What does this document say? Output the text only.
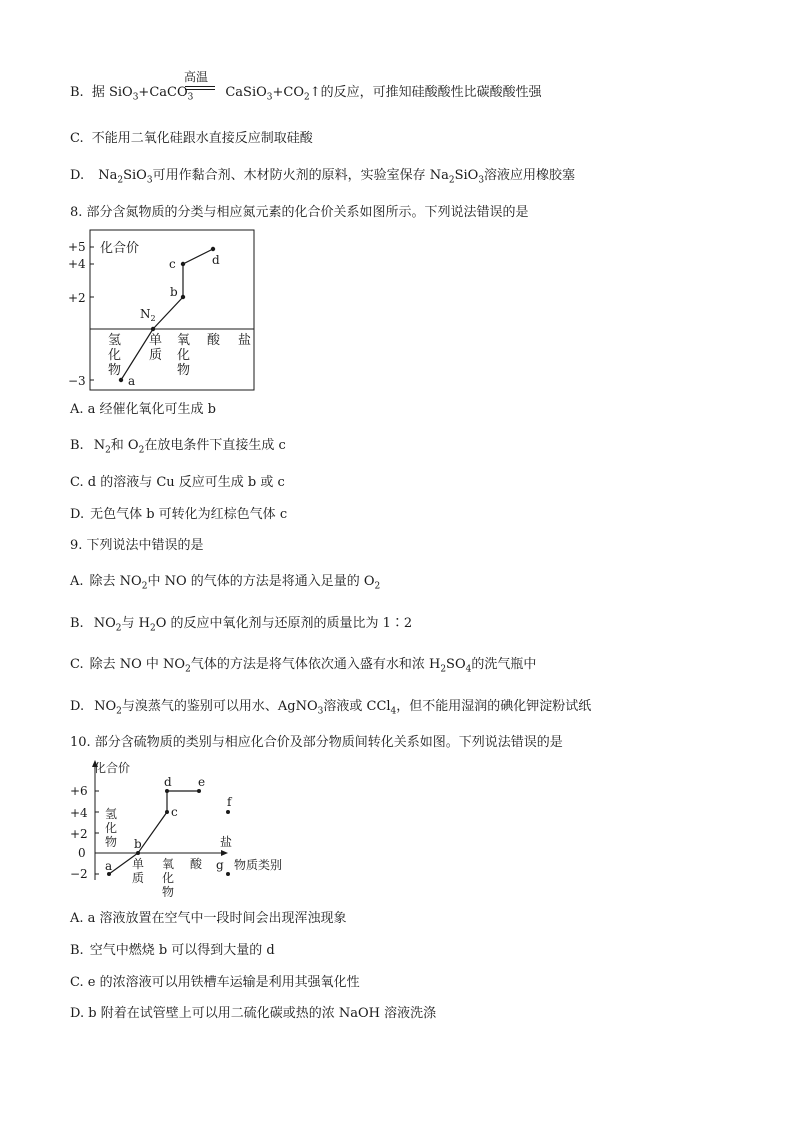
高温
B. 据 SiO$_3$+CaCO$_3$ $CaSiO_3+CO_2↑$的反应，可推知硅酸酸性比碳酸酸性强
C. 不能用二氧化硅跟水直接反应制取硅酸
D. $Na_2SiO_3$可用作黏合剂、木材防火剂的原料，实验室保存 $Na_2SiO_3$溶液应用橡胶塞
8. 部分含氮物质的分类与相应氮元素的化合价关系如图所示。下列说法错误的是
化合价
+5
+4
+2
−3
氢
化
物
单
质
氧
化
物
酸 盐
a
$N_2$
b
c	d
A. a 经催化氧化可生成 b
B. $N_2$和 $O_2$在放电条件下直接生成 c
C. d 的溶液与 Cu 反应可生成 b 或 c
D. 无色气体 b 可转化为红棕色气体 c
9. 下列说法中错误的是
A. 除去 $NO_2$中 NO 的气体的方法是将通入足量的 $O_2$
B. $NO_2$与 $H_2O$ 的反应中氧化剂与还原剂的质量比为 1∶2
C. 除去 NO 中 $NO_2$气体的方法是将气体依次通入盛有水和浓 $H_2SO_4$的洗气瓶中
D. $NO_2$与溴蒸气的鉴别可以用水、AgNO$_3$溶液或 CCl$_4$，但不能用湿润的碘化钾淀粉试纸
10. 部分含硫物质的类别与相应化合价及部分物质间转化关系如图。下列说法错误的是
化合价
物质类别
+6
+4
+2
0
−2
氢
化
物	盐
单
质
氧
化
物
酸
a
b
c
d e
f
g
A. a 溶液放置在空气中一段时间会出现浑浊现象
B. 空气中燃烧 b 可以得到大量的 d
C. e 的浓溶液可以用铁槽车运输是利用其强氧化性
D. b 附着在试管壁上可以用二硫化碳或热的浓 NaOH 溶液洗涤
